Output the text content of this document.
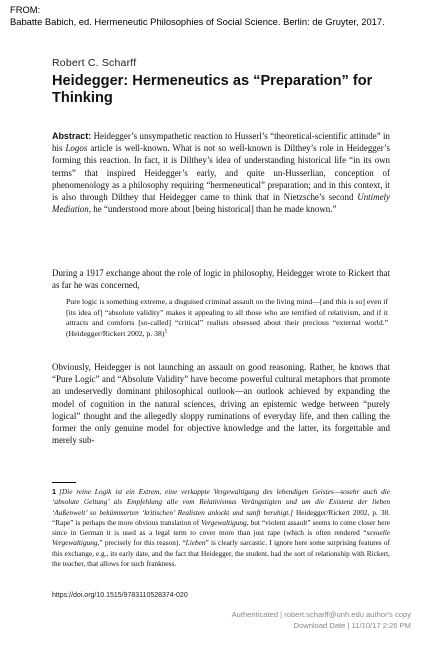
FROM:
Babatte Babich, ed. Hermeneutic Philosophies of Social Science. Berlin: de Gruyter, 2017.
Robert C. Scharff
Heidegger: Hermeneutics as “Preparation” for Thinking
Abstract: Heidegger’s unsympathetic reaction to Husserl’s “theoretical-scientific attitude” in his Logos article is well-known. What is not so well-known is Dilthey’s role in Heidegger’s forming this reaction. In fact, it is Dilthey’s idea of understanding historical life “in its own terms” that inspired Heidegger’s early, and quite un-Husserlian, conception of phenomenology as a philosophy requiring “hermeneutical” preparation; and in this context, it is also through Dilthey that Heidegger came to think that in Nietzsche’s second Untimely Mediation, he “understood more about [being historical] than he made known.”
During a 1917 exchange about the role of logic in philosophy, Heidegger wrote to Rickert that as far he was concerned,
Pure logic is something extreme, a disguised criminal assault on the living mind—[and this is so] even if [its idea of] “absolute validity” makes it appealing to all those who are terrified of relativism, and if it attracts and comforts [so-called] “critical” realists obsessed about their precious “external world.” (Heidegger/Rickert 2002, p. 38)$^1$
Obviously, Heidegger is not launching an assault on good reasoning. Rather, he knows that “Pure Logic” and “Absolute Validity” have become powerful cultural metaphors that promote an undeservedly dominant philosophical outlook—an outlook achieved by expanding the model of cognition in the natural sciences, driving an epistemic wedge between “purely logical” thought and the allegedly sloppy ruminations of everyday life, and then calling the former the only genuine model for objective knowledge and the latter, its forgettable and merely sub-
1 [Die reine Logik ist ein Extrem, eine verkappte Vergewaltigung des lebendigen Geistes—sosehr auch die ‘absolute Geltung’ als Empfehlung alle vom Relativismus Verängstigten und um die Existenz der lieben ‘Außenwelt’ so bekümmerten ‘kritischen’ Realisten anlockt und sanft beruhigt.] Heidegger/Rickert 2002, p. 38. “Rape” is perhaps the more obvious translation of Vergewaltigung, but “violent assault” seems to come closer here since in German it is used as a legal term to cover more than just rape (which is often rendered “sexuelle Vergewaltigung,” precisely for this reason). “Lieben” is clearly sarcastic. I ignore here some surprising features of this exchange, e.g., its early date, and the fact that Heidegger, the student, had the sort of relationship with Rickert, the teacher, that allows for such frankness.
https://doi.org/10.1515/9783110528374-020
Authenticated | robert.scharff@unh.edu author's copy
Download Date | 11/10/17 2:26 PM
